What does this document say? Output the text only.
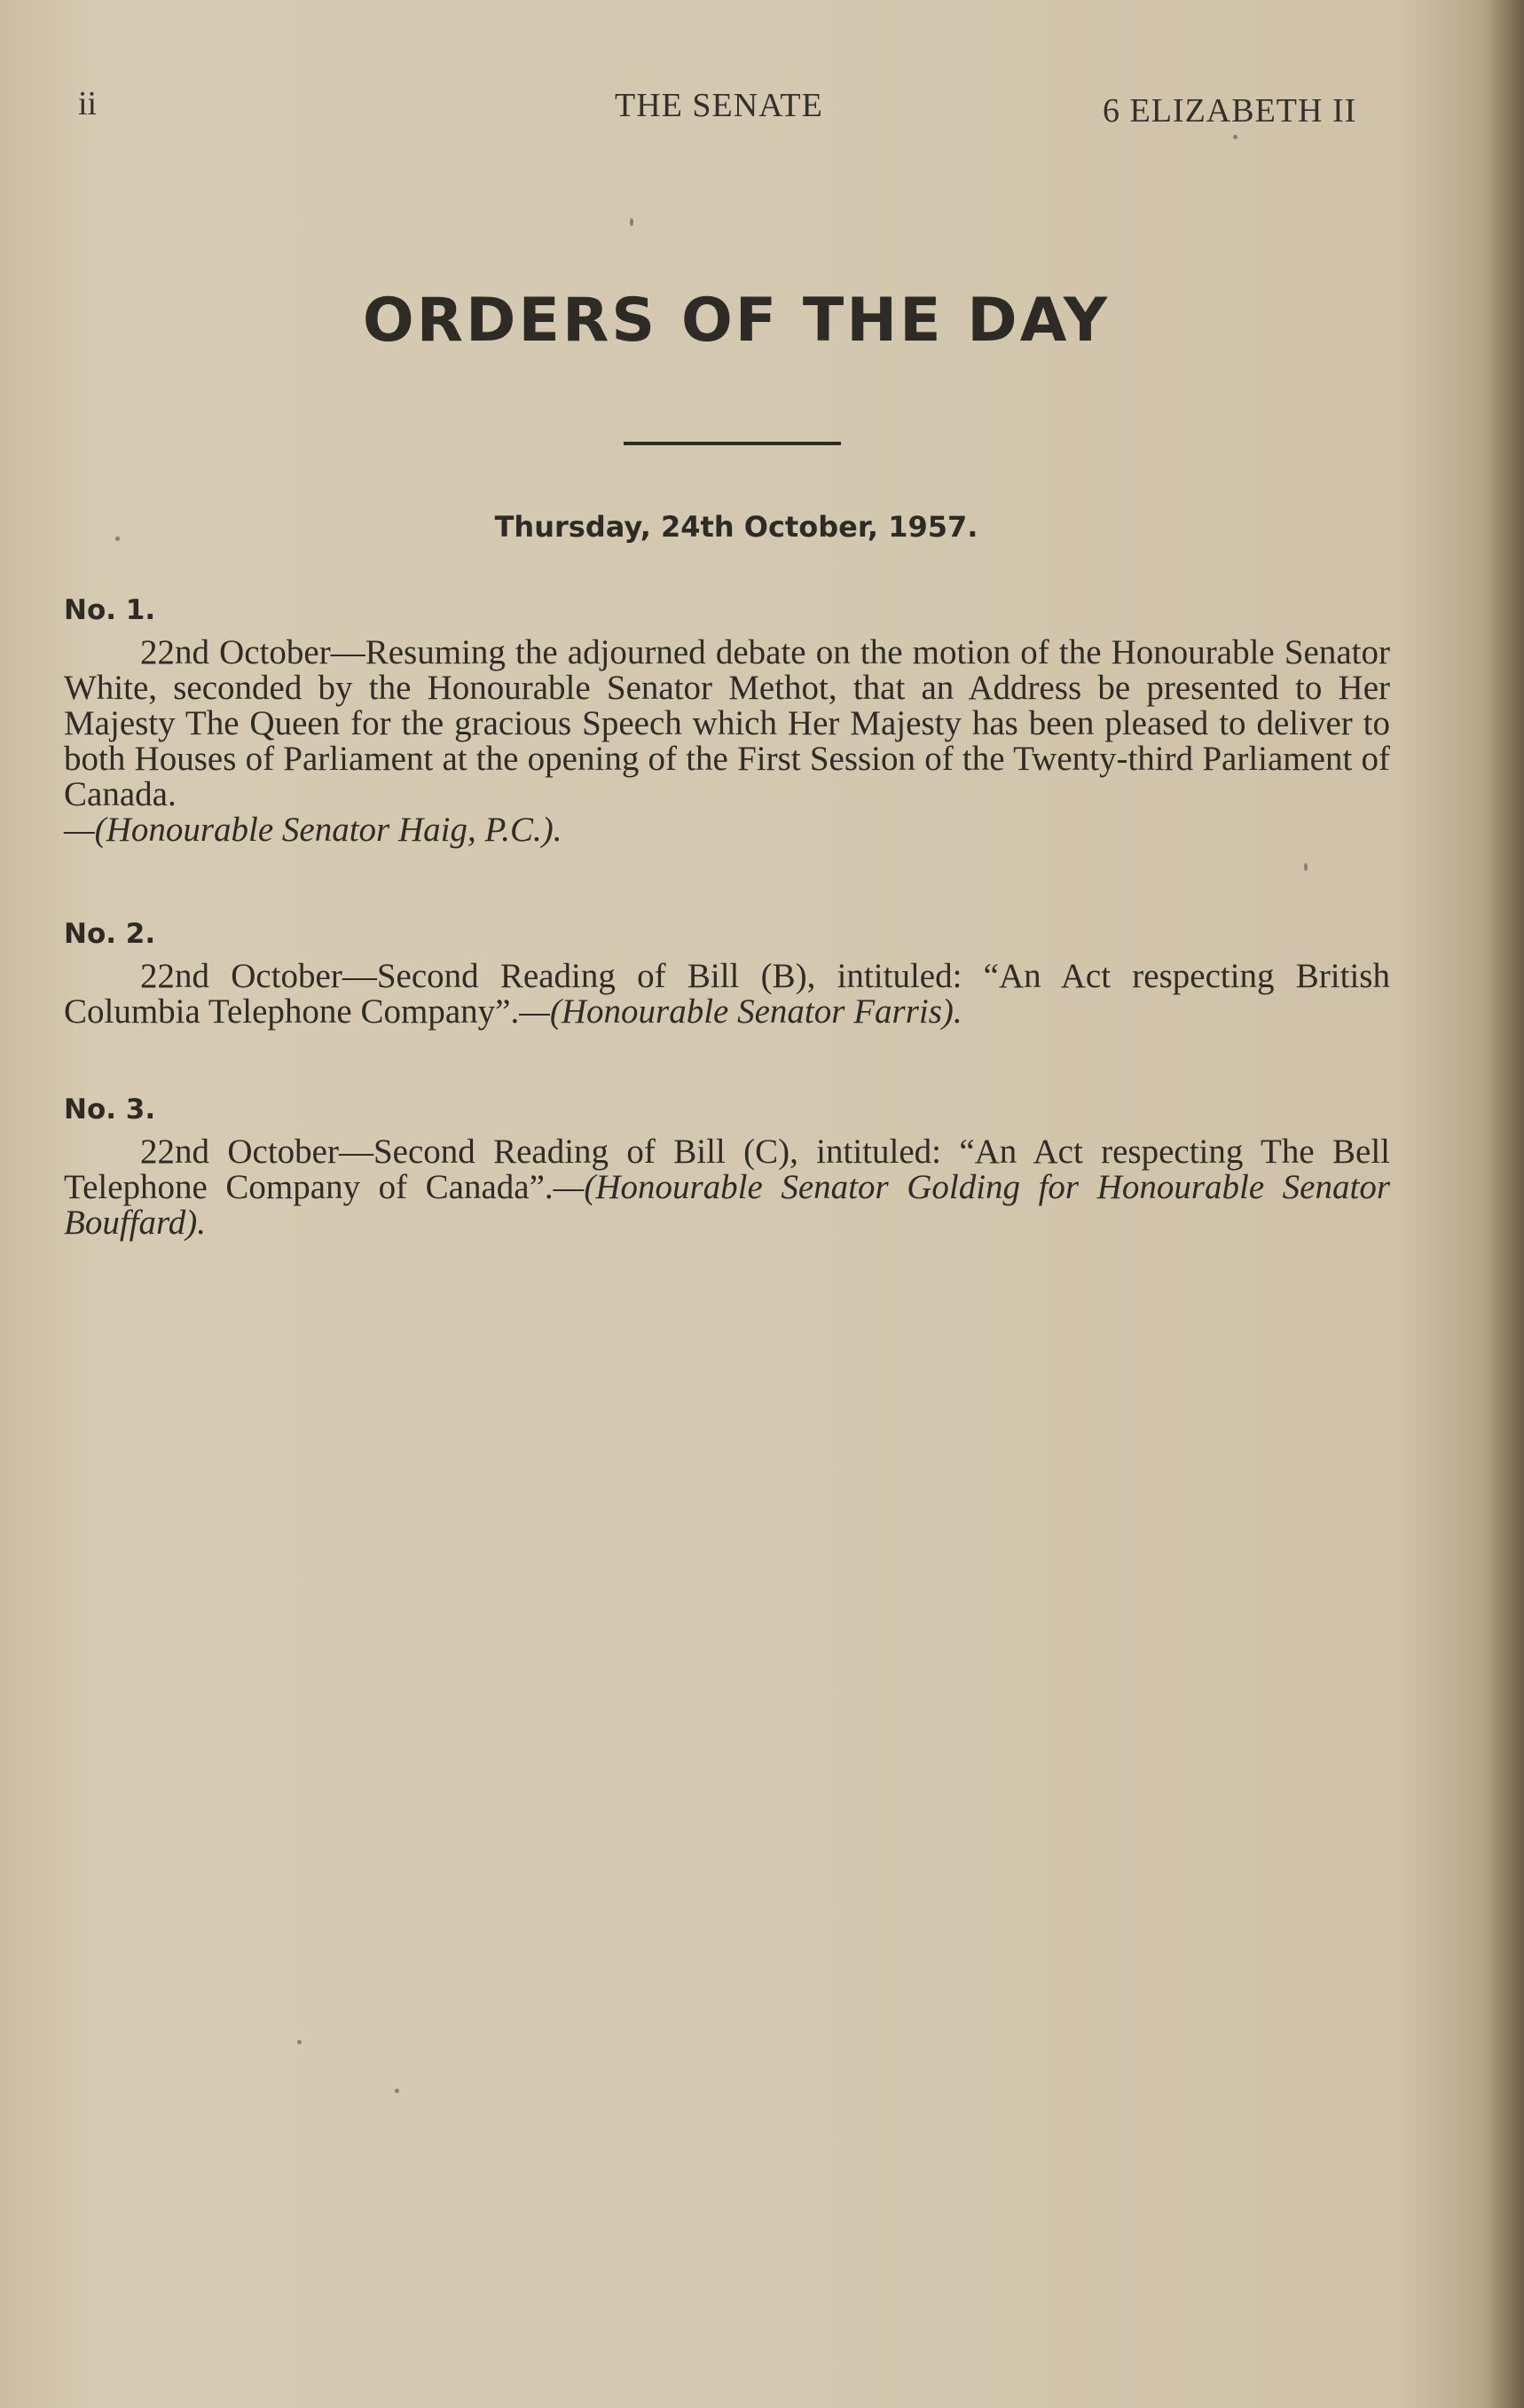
ii	THE SENATE	6 ELIZABETH II
ORDERS OF THE DAY
Thursday, 24th October, 1957.
No. 1.
22nd October—Resuming the adjourned debate on the motion of the Honourable Senator White, seconded by the Honourable Senator Methot, that an Address be presented to Her Majesty The Queen for the gracious Speech which Her Majesty has been pleased to deliver to both Houses of Parliament at the opening of the First Session of the Twenty-third Parliament of Canada.
—(Honourable Senator Haig, P.C.).
No. 2.
22nd October—Second Reading of Bill (B), intituled: “An Act respecting British Columbia Telephone Company”.—(Honourable Senator Farris).
No. 3.
22nd October—Second Reading of Bill (C), intituled: “An Act respecting The Bell Telephone Company of Canada”.—(Honourable Senator Golding for Honourable Senator Bouffard).
